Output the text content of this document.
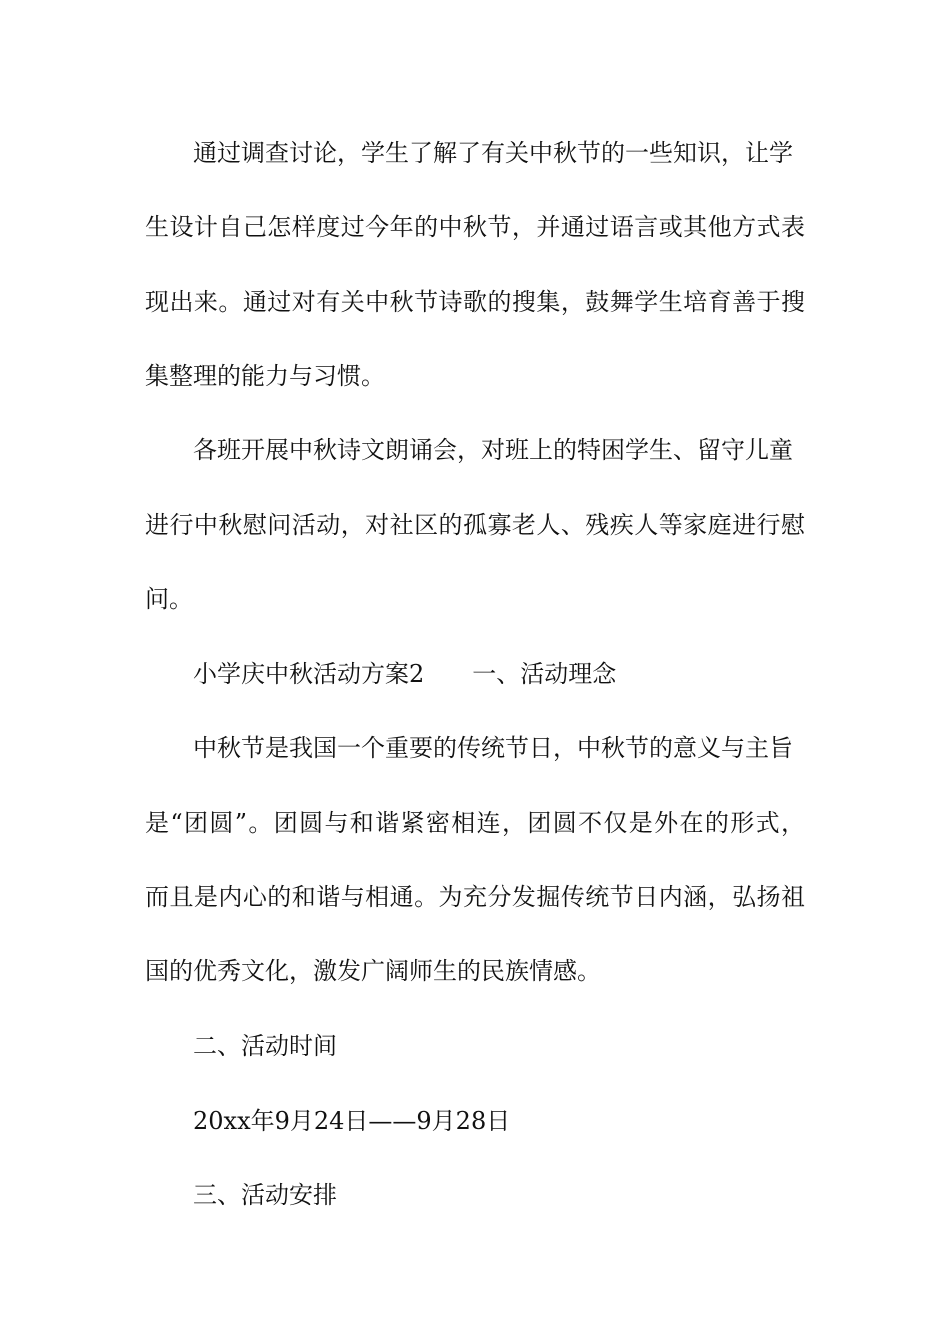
通过调查讨论，学生了解了有关中秋节的一些知识，让学
生设计自己怎样度过今年的中秋节，并通过语言或其他方式表
现出来。通过对有关中秋节诗歌的搜集，鼓舞学生培育善于搜
集整理的能力与习惯。
各班开展中秋诗文朗诵会，对班上的特困学生、留守儿童
进行中秋慰问活动，对社区的孤寡老人、残疾人等家庭进行慰
问。
小学庆中秋活动方案2　　一、活动理念
中秋节是我国一个重要的传统节日，中秋节的意义与主旨
是“团圆”。团圆与和谐紧密相连，团圆不仅是外在的形式，
而且是内心的和谐与相通。为充分发掘传统节日内涵，弘扬祖
国的优秀文化，激发广阔师生的民族情感。
二、活动时间
20xx年9月24日——9月28日
三、活动安排
